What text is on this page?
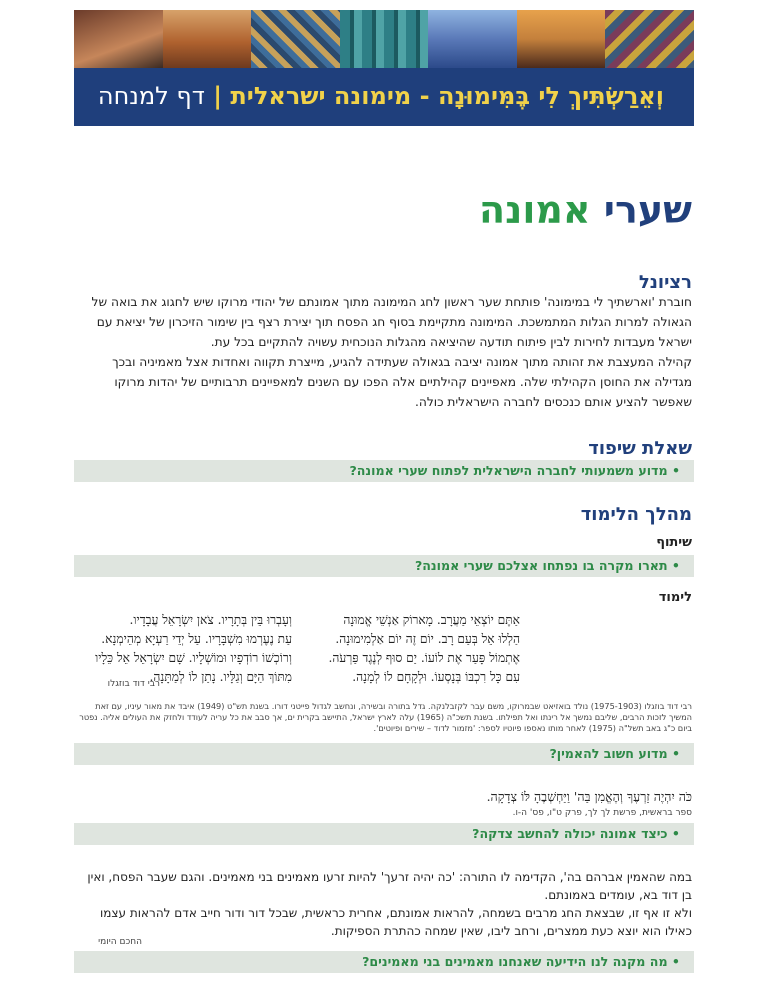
וְאֵרַשְׂתִּיךְ לִי בֶּמִּימוּנָה - מימונה ישראלית | דף למנחה
שערי אמונה
רציונל
חוברת 'וארשתיך לי במימונה' פותחת שער ראשון לחג המימונה מתוך אמונתם של יהודי מרוקו שיש לחגוג את בואה של הגאולה למרות הגלות המתמשכת. המימונה מתקיימת בסוף חג הפסח תוך יצירת רצף בין שימור הזיכרון של יציאת עם ישראל מעבדות לחירות לבין פיתוח תודעה שהיציאה מהגלות הנוכחית עשויה להתקיים בכל עת.
קהילה המעצבת את זהותה מתוך אמונה יציבה בגאולה שעתידה להגיע, מייצרת תקווה ואחדות אצל מאמיניה ובכך מגדילה את החוסן הקהילתי שלה. מאפיינים קהילתיים אלה הפכו עם השנים למאפיינים תרבותיים של יהדות מרוקו שאפשר להציע אותם כנכסים לחברה הישראלית כולה.
שאלת שיפוד
• מדוע משמעותי לחברה הישראלית לפתוח שערי אמונה?
מהלך הלימוד
שיתוף
• תארו מקרה בו נפתחו אצלכם שערי אמונה?
לימוד
אַתֶּם יוֹצְאֵי מַעֲרָב. מָארוֹק אַנְשֵׁי אֱמוּנָה
הַלְלוּ אֵל בְּעַם רָב. יוֹם זֶה יוֹם אַלְמִימוּנָה.
אֶתְמוֹל פָּעַר אֶת לוֹעוֹ. יַם סוּף לְנֶגֶד פַּרְעֹה.
עִם כָּל רִכְבּוֹ בְּנָסְעוֹ. וּלְקָחָם לוֹ לְמָנָה.
וְעָבְרוּ בֵּין בְּתָרָיו. צֹאן יִשְׂרָאֵל עֲבָדָיו.
עַת נֶעֶרְמוּ מִשְׁבָּרָיו. עַל יְדֵי רַעְיָא מְהֵימְנָא.
וְרוֹכְשׁוֹ רוֹדְפָיו וּמוֹשְׁלָיו. שָׁם יִשְׂרָאֵל אֵל כֵּלָיו
מִתּוֹךְ הַיָּם וְגַלָּיו. נָתַן לוֹ לְמַתָּנָה.
רבי דוד בוזגלו
רבי דוד בוזגלו (1975-1903) נולד בואזיאט שבמרוקו, משם עבר לקזבלנקה. גדל בתורה ובשירה, ונחשב לגדול פייטני דורו. בשנת תש"ט (1949) איבד את מאור עיניו, עם זאת המשיך לזכות הרבים, שליבם נמשך אל רינתו ואל תפילתו. בשנת תשכ"ה (1965) עלה לארץ ישראל, התיישב בקרית ים, אך סבב את כל עריה לעודד ולחזק את העולים אליה. נפטר ביום כ"ג באב תשל"ה (1975) לאחר מותו נאספו פיוטיו לספר: 'מזמור לדוד – שירים ופיוטים'.
• מדוע חשוב להאמין?
כֹּה יִהְיֶה זַרְעֶךָ וְהֶאֱמִן בַּה' וַיַּחְשְׁבֶהָ לּוֹ צְדָקָה.
ספר בראשית, פרשת לך לך, פרק ט"ו, פס' ה-ו.
• כיצד אמונה יכולה להחשב צדקה?
במה שהאמין אברהם בה', הקדימה לו התורה: 'כה יהיה זרעך' להיות זרעו מאמינים בני מאמינים. והגם שעבר הפסח, ואין בן דוד בא, עומדים באמונתם.
ולא זו אף זו, שבצאת החג מרבים בשמחה, להראות אמונתם, אחרית כראשית, שבכל דור ודור חייב אדם להראות עצמו כאילו הוא יוצא כעת ממצרים, ורחב ליבו, שאין שמחה כהתרת הספיקות.
החכם היומי
• מה מקנה לנו הידיעה שאנחנו מאמינים בני מאמינים?
